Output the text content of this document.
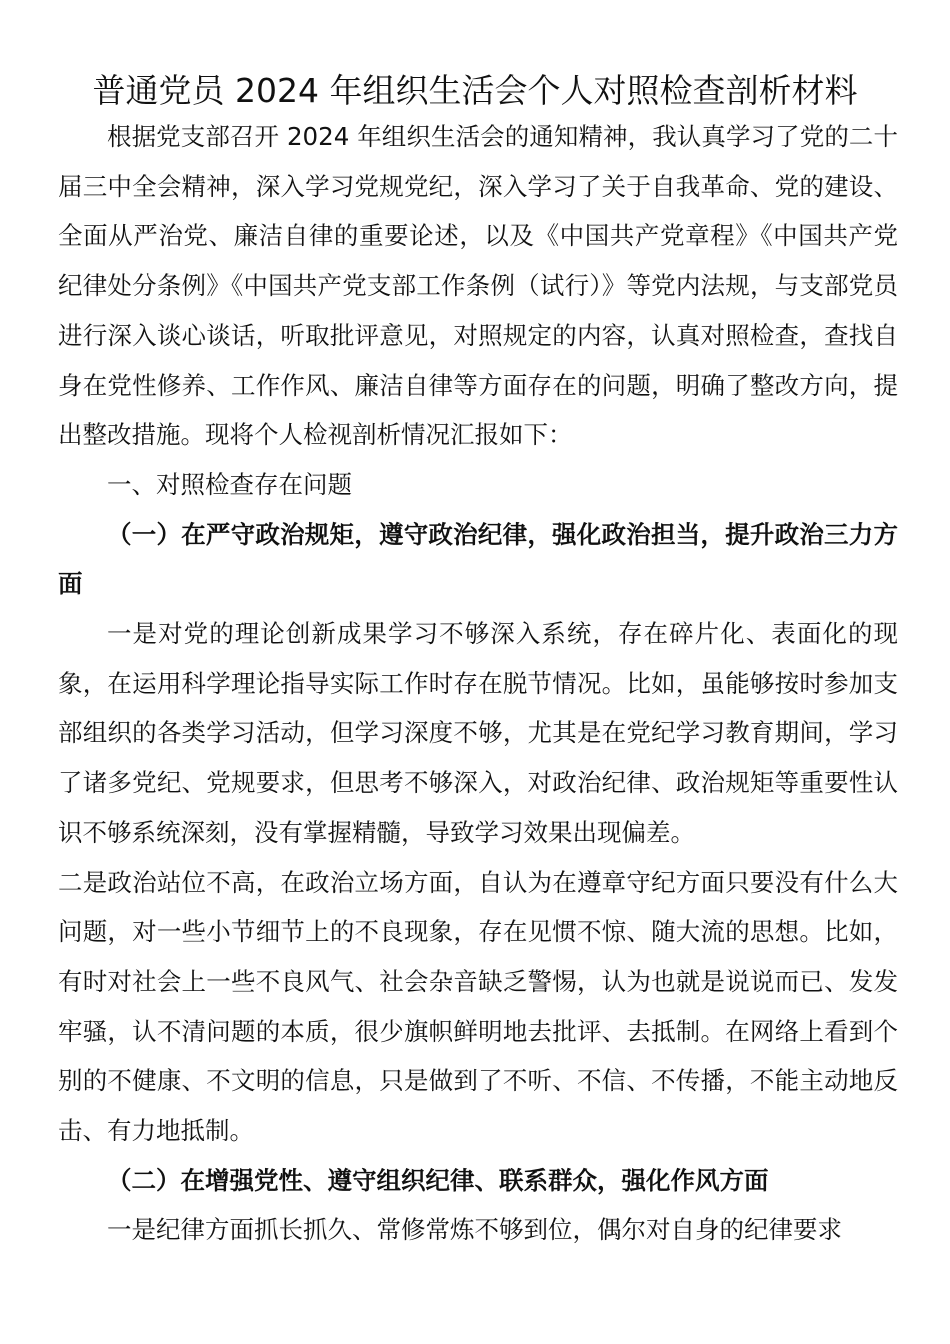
普通党员 2024 年组织生活会个人对照检查剖析材料

根据党支部召开 2024 年组织生活会的通知精神，我认真学习了党的二十届三中全会精神，深入学习党规党纪，深入学习了关于自我革命、党的建设、全面从严治党、廉洁自律的重要论述，以及《中国共产党章程》《中国共产党纪律处分条例》《中国共产党支部工作条例（试行）》等党内法规，与支部党员进行深入谈心谈话，听取批评意见，对照规定的内容，认真对照检查，查找自身在党性修养、工作作风、廉洁自律等方面存在的问题，明确了整改方向，提出整改措施。现将个人检视剖析情况汇报如下：

一、对照检查存在问题

（一）在严守政治规矩，遵守政治纪律，强化政治担当，提升政治三力方面

一是对党的理论创新成果学习不够深入系统，存在碎片化、表面化的现象，在运用科学理论指导实际工作时存在脱节情况。比如，虽能够按时参加支部组织的各类学习活动，但学习深度不够，尤其是在党纪学习教育期间，学习了诸多党纪、党规要求，但思考不够深入，对政治纪律、政治规矩等重要性认识不够系统深刻，没有掌握精髓，导致学习效果出现偏差。

二是政治站位不高，在政治立场方面，自认为在遵章守纪方面只要没有什么大问题，对一些小节细节上的不良现象，存在见惯不惊、随大流的思想。比如，有时对社会上一些不良风气、社会杂音缺乏警惕，认为也就是说说而已、发发牢骚，认不清问题的本质，很少旗帜鲜明地去批评、去抵制。在网络上看到个别的不健康、不文明的信息，只是做到了不听、不信、不传播，不能主动地反击、有力地抵制。

（二）在增强党性、遵守组织纪律、联系群众，强化作风方面

一是纪律方面抓长抓久、常修常炼不够到位，偶尔对自身的纪律要求
